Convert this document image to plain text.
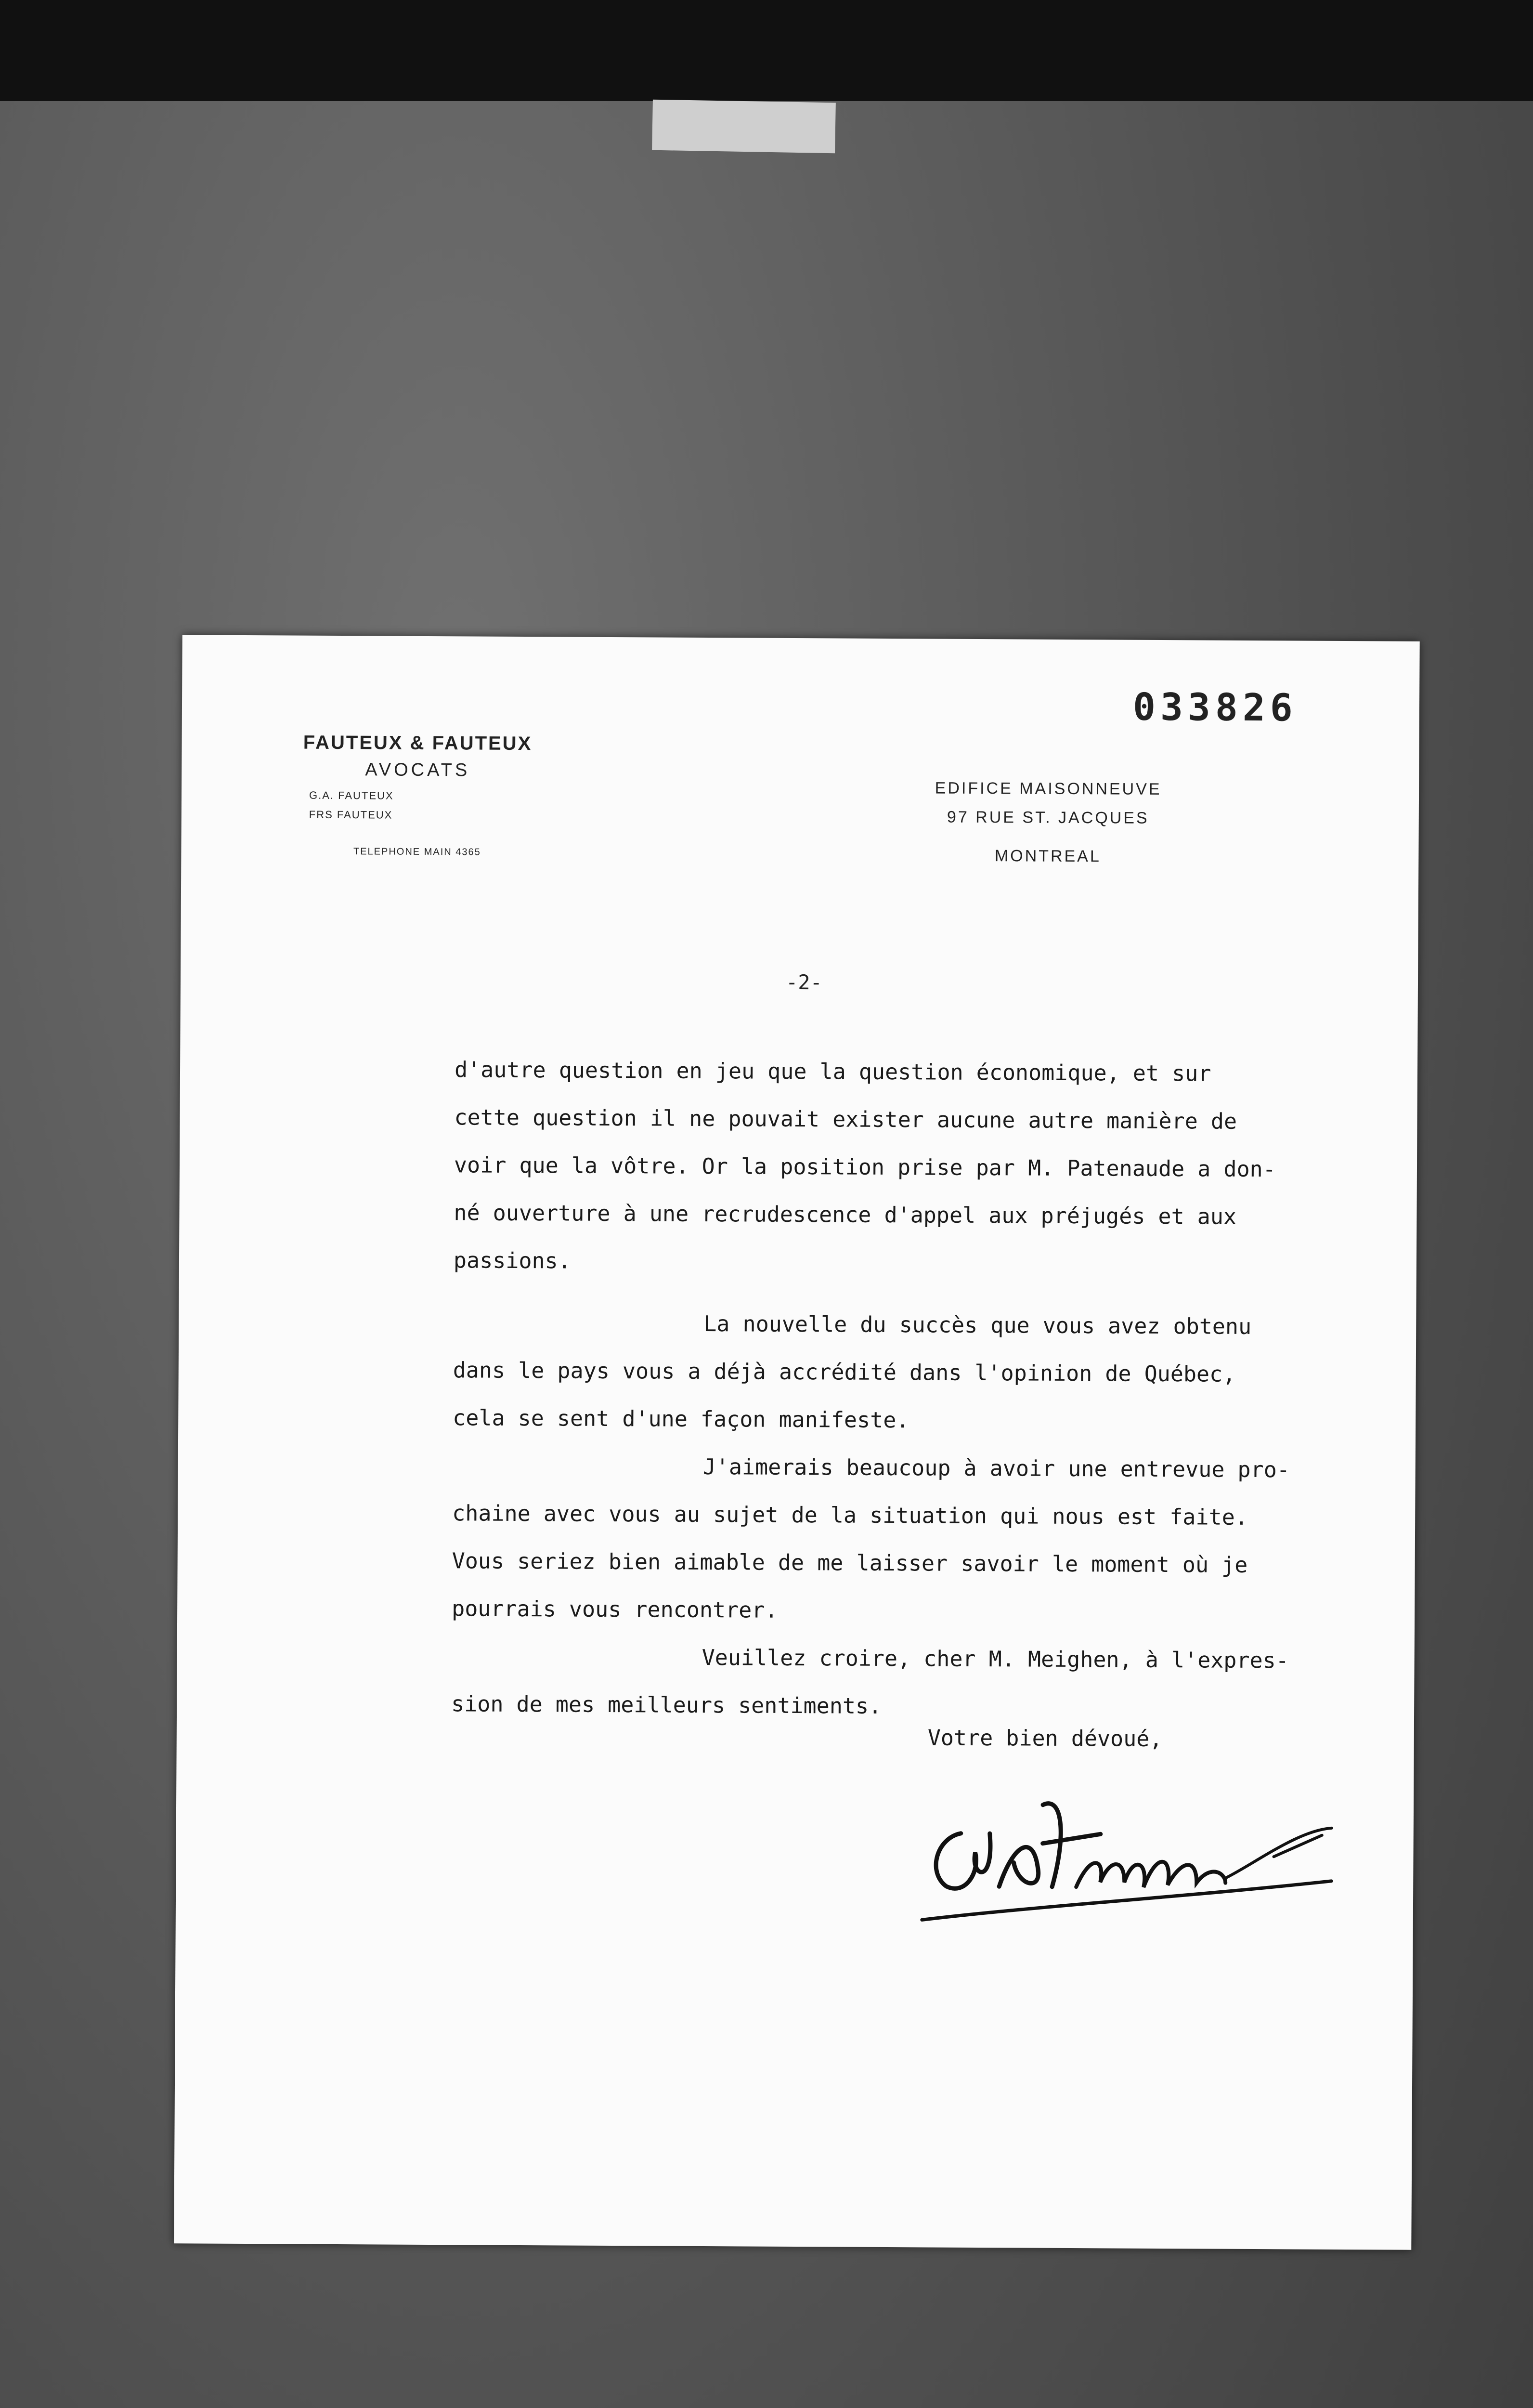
033826
FAUTEUX & FAUTEUX
AVOCATS
G.A. FAUTEUX
FRS FAUTEUX
TELEPHONE MAIN 4365
EDIFICE MAISONNEUVE
97 RUE ST. JACQUES
MONTREAL
-2-
d'autre question en jeu que la question économique, et sur
cette question il ne pouvait exister aucune autre manière de
voir que la vôtre. Or la position prise par M. Patenaude a don-
né ouverture à une recrudescence d'appel aux préjugés et aux
passions.
La nouvelle du succès que vous avez obtenu
dans le pays vous a déjà accrédité dans l'opinion de Québec,
cela se sent d'une façon manifeste.
J'aimerais beaucoup à avoir une entrevue pro-
chaine avec vous au sujet de la situation qui nous est faite.
Vous seriez bien aimable de me laisser savoir le moment où je
pourrais vous rencontrer.
Veuillez croire, cher M. Meighen, à l'expres-
sion de mes meilleurs sentiments.
Votre bien dévoué,
